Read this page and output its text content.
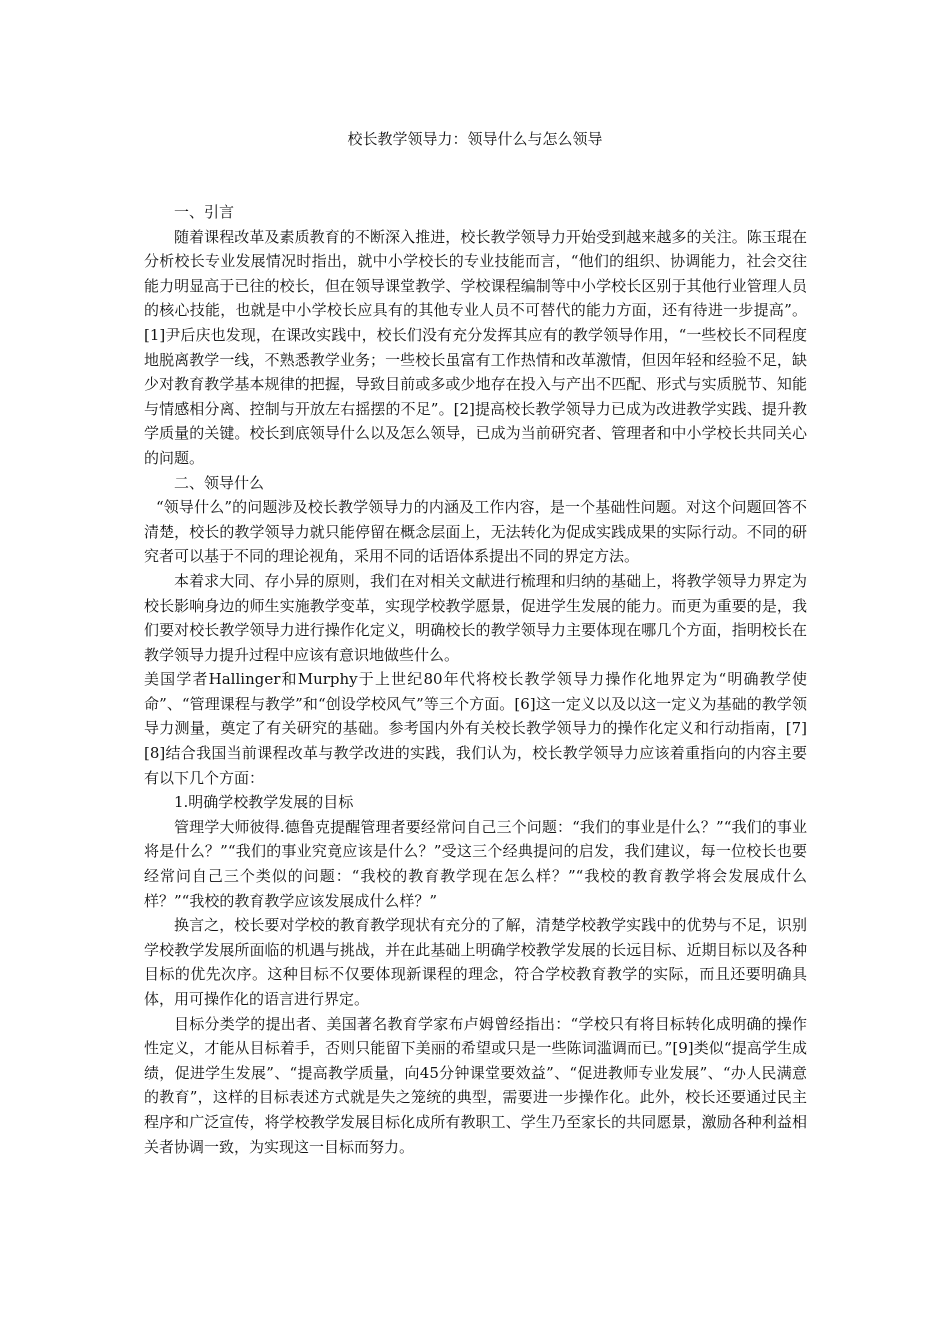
校长教学领导力：领导什么与怎么领导

一、引言

随着课程改革及素质教育的不断深入推进，校长教学领导力开始受到越来越多的关注。陈玉琨在分析校长专业发展情况时指出，就中小学校长的专业技能而言，“他们的组织、协调能力，社会交往能力明显高于已往的校长，但在领导课堂教学、学校课程编制等中小学校长区别于其他行业管理人员的核心技能，也就是中小学校长应具有的其他专业人员不可替代的能力方面，还有待进一步提高”。[1]尹后庆也发现，在课改实践中，校长们没有充分发挥其应有的教学领导作用，“一些校长不同程度地脱离教学一线，不熟悉教学业务；一些校长虽富有工作热情和改革激情，但因年轻和经验不足，缺少对教育教学基本规律的把握，导致目前或多或少地存在投入与产出不匹配、形式与实质脱节、知能与情感相分离、控制与开放左右摇摆的不足”。[2]提高校长教学领导力已成为改进教学实践、提升教学质量的关键。校长到底领导什么以及怎么领导，已成为当前研究者、管理者和中小学校长共同关心的问题。

二、领导什么

“领导什么”的问题涉及校长教学领导力的内涵及工作内容，是一个基础性问题。对这个问题回答不清楚，校长的教学领导力就只能停留在概念层面上，无法转化为促成实践成果的实际行动。不同的研究者可以基于不同的理论视角，采用不同的话语体系提出不同的界定方法。

本着求大同、存小异的原则，我们在对相关文献进行梳理和归纳的基础上，将教学领导力界定为校长影响身边的师生实施教学变革，实现学校教学愿景，促进学生发展的能力。而更为重要的是，我们要对校长教学领导力进行操作化定义，明确校长的教学领导力主要体现在哪几个方面，指明校长在教学领导力提升过程中应该有意识地做些什么。

美国学者Hallinger和Murphy于上世纪80年代将校长教学领导力操作化地界定为“明确教学使命”、“管理课程与教学”和“创设学校风气”等三个方面。[6]这一定义以及以这一定义为基础的教学领导力测量，奠定了有关研究的基础。参考国内外有关校长教学领导力的操作化定义和行动指南，[7][8]结合我国当前课程改革与教学改进的实践，我们认为，校长教学领导力应该着重指向的内容主要有以下几个方面：

1.明确学校教学发展的目标

管理学大师彼得.德鲁克提醒管理者要经常问自己三个问题：“我们的事业是什么？”“我们的事业将是什么？”“我们的事业究竟应该是什么？”受这三个经典提问的启发，我们建议，每一位校长也要经常问自己三个类似的问题：“我校的教育教学现在怎么样？”“我校的教育教学将会发展成什么样？”“我校的教育教学应该发展成什么样？”

换言之，校长要对学校的教育教学现状有充分的了解，清楚学校教学实践中的优势与不足，识别学校教学发展所面临的机遇与挑战，并在此基础上明确学校教学发展的长远目标、近期目标以及各种目标的优先次序。这种目标不仅要体现新课程的理念，符合学校教育教学的实际，而且还要明确具体，用可操作化的语言进行界定。

目标分类学的提出者、美国著名教育学家布卢姆曾经指出：“学校只有将目标转化成明确的操作性定义，才能从目标着手，否则只能留下美丽的希望或只是一些陈词滥调而已。”[9]类似“提高学生成绩，促进学生发展”、“提高教学质量，向45分钟课堂要效益”、“促进教师专业发展”、“办人民满意的教育”，这样的目标表述方式就是失之笼统的典型，需要进一步操作化。此外，校长还要通过民主程序和广泛宣传，将学校教学发展目标化成所有教职工、学生乃至家长的共同愿景，激励各种利益相关者协调一致，为实现这一目标而努力。
